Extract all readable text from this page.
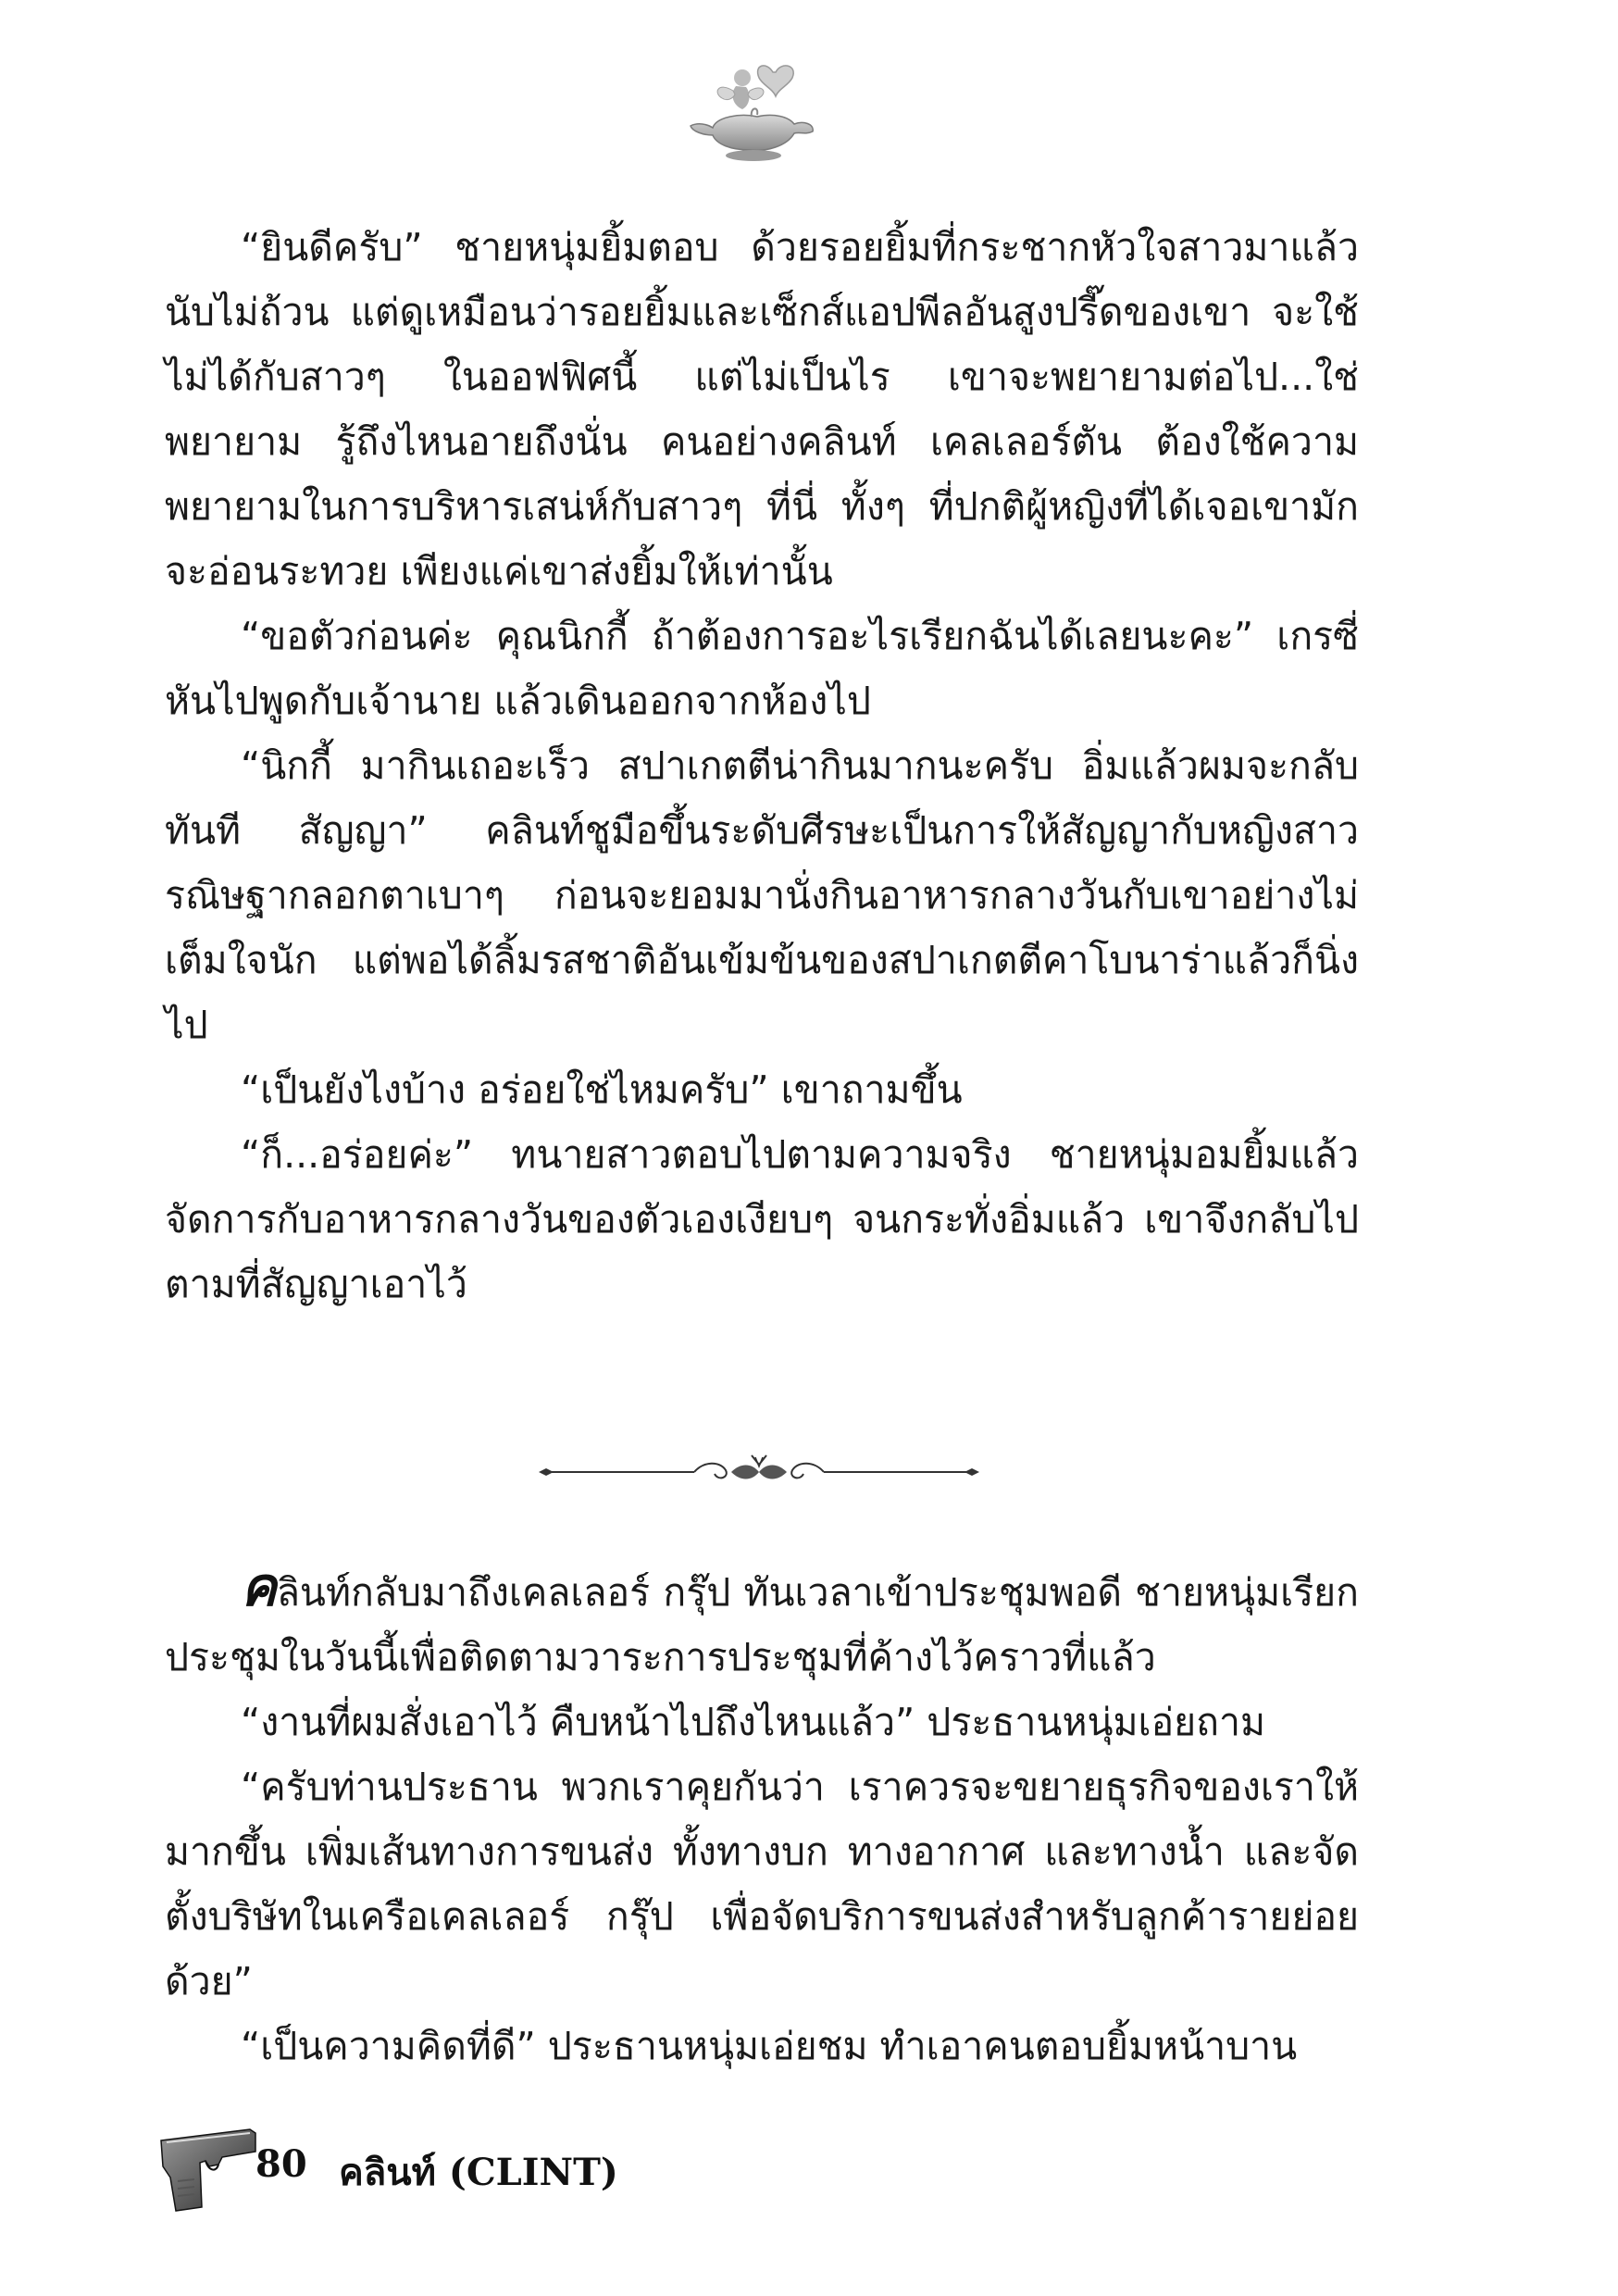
“ยินดีครับ” ชายหนุ่มยิ้มตอบ ด้วยรอยยิ้มที่กระชากหัวใจสาวมาแล้วนับไม่ถ้วน แต่ดูเหมือนว่ารอยยิ้มและเซ็กส์แอปพีลอันสูงปรี๊ดของเขา จะใช้ไม่ได้กับสาวๆ ในออฟฟิศนี้ แต่ไม่เป็นไร เขาจะพยายามต่อไป...ใช่ พยายาม รู้ถึงไหนอายถึงนั่น คนอย่างคลินท์ เคลเลอร์ตัน ต้องใช้ความพยายามในการบริหารเสน่ห์กับสาวๆ ที่นี่ ทั้งๆ ที่ปกติผู้หญิงที่ได้เจอเขามักจะอ่อนระทวย เพียงแค่เขาส่งยิ้มให้เท่านั้น

“ขอตัวก่อนค่ะ คุณนิกกี้ ถ้าต้องการอะไรเรียกฉันได้เลยนะคะ” เกรซี่หันไปพูดกับเจ้านาย แล้วเดินออกจากห้องไป

“นิกกี้ มากินเถอะเร็ว สปาเกตตีน่ากินมากนะครับ อิ่มแล้วผมจะกลับทันที สัญญา” คลินท์ชูมือขึ้นระดับศีรษะเป็นการให้สัญญากับหญิงสาว รณิษฐากลอกตาเบาๆ ก่อนจะยอมมานั่งกินอาหารกลางวันกับเขาอย่างไม่เต็มใจนัก แต่พอได้ลิ้มรสชาติอันเข้มข้นของสปาเกตตีคาโบนาร่าแล้วก็นิ่งไป

“เป็นยังไงบ้าง อร่อยใช่ไหมครับ” เขาถามขึ้น

“ก็...อร่อยค่ะ” ทนายสาวตอบไปตามความจริง ชายหนุ่มอมยิ้มแล้วจัดการกับอาหารกลางวันของตัวเองเงียบๆ จนกระทั่งอิ่มแล้ว เขาจึงกลับไปตามที่สัญญาเอาไว้

คลินท์กลับมาถึงเคลเลอร์ กรุ๊ป ทันเวลาเข้าประชุมพอดี ชายหนุ่มเรียกประชุมในวันนี้เพื่อติดตามวาระการประชุมที่ค้างไว้คราวที่แล้ว

“งานที่ผมสั่งเอาไว้ คืบหน้าไปถึงไหนแล้ว” ประธานหนุ่มเอ่ยถาม

“ครับท่านประธาน พวกเราคุยกันว่า เราควรจะขยายธุรกิจของเราให้มากขึ้น เพิ่มเส้นทางการขนส่ง ทั้งทางบก ทางอากาศ และทางน้ำ และจัดตั้งบริษัทในเครือเคลเลอร์ กรุ๊ป เพื่อจัดบริการขนส่งสำหรับลูกค้ารายย่อยด้วย”

“เป็นความคิดที่ดี” ประธานหนุ่มเอ่ยชม ทำเอาคนตอบยิ้มหน้าบาน

80 คลินท์ (CLINT)
